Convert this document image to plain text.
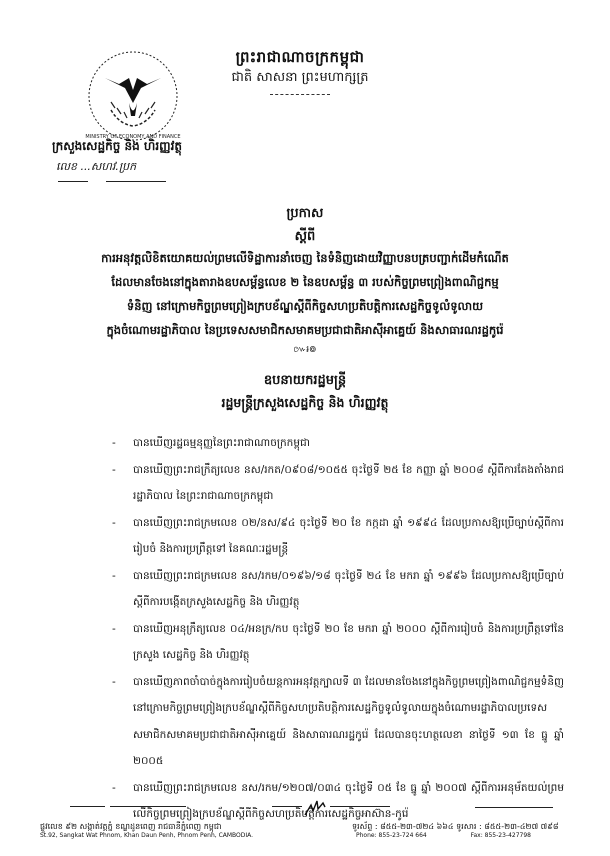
ព្រះរាជាណាចក្រកម្ពុជា
ជាតិ សាសនា ព្រះមហាក្សត្រ
MINISTRY OF ECONOMY AND FINANCE
ក្រសួងសេដ្ឋកិច្ច និង ហិរញ្ញវត្ថុ
លេខ ...សហវ.ប្រក
ប្រកាស
ស្តីពី
ការអនុវត្តលិខិតយោគយល់ព្រមលើទិដ្ឋាការនាំចេញ នៃទំនិញដោយវិញ្ញាបនបត្របញ្ជាក់ដើមកំណើត
ដែលមានចែងនៅក្នុងតារាងឧបសម្ព័ន្ធលេខ ២ នៃឧបសម្ព័ន្ធ ៣ របស់កិច្ចព្រមព្រៀងពាណិជ្ជកម្ម
ទំនិញ នៅក្រោមកិច្ចព្រមព្រៀងក្របខ័ណ្ឌស្តីពីកិច្ចសហប្រតិបត្តិការសេដ្ឋកិច្ចទូលំទូលាយ
ក្នុងចំណោមរដ្ឋាភិបាល នៃប្រទេសសមាជិកសមាគមប្រជាជាតិអាស៊ីអាគ្នេយ៍ និងសាធារណរដ្ឋកូរ៉េ
៚៛៙
ឧបនាយករដ្ឋមន្ត្រី
រដ្ឋមន្ត្រីក្រសួងសេដ្ឋកិច្ច និង ហិរញ្ញវត្ថុ
-	បានឃើញរដ្ឋធម្មនុញ្ញនៃព្រះរាជាណាចក្រកម្ពុជា
-	បានឃើញព្រះរាជក្រឹត្យលេខ នស/រកត/០៩០៨/១០៥៥ ចុះថ្ងៃទី ២៥ ខែ កញ្ញា ឆ្នាំ ២០០៨ ស្តីពីការតែងតាំងរាជរដ្ឋាភិបាល នៃព្រះរាជាណាចក្រកម្ពុជា
-	បានឃើញព្រះរាជក្រមលេខ ០២/នស/៩៤ ចុះថ្ងៃទី ២០ ខែ កក្កដា ឆ្នាំ ១៩៩៤ ដែលប្រកាសឱ្យប្រើច្បាប់ស្តីពីការរៀបចំ និងការប្រព្រឹត្តទៅ នៃគណៈរដ្ឋមន្ត្រី
-	បានឃើញព្រះរាជក្រមលេខ នស/រកម/០១៩៦/១៨ ចុះថ្ងៃទី ២៤ ខែ មករា ឆ្នាំ ១៩៩៦ ដែលប្រកាសឱ្យប្រើច្បាប់ស្តីពីការបង្កើតក្រសួងសេដ្ឋកិច្ច និង ហិរញ្ញវត្ថុ
-	បានឃើញអនុក្រឹត្យលេខ ០៤/អនក្រ/កប ចុះថ្ងៃទី ២០ ខែ មករា ឆ្នាំ ២០០០ ស្តីពីការរៀបចំ និងការប្រព្រឹត្តទៅនៃក្រសួង សេដ្ឋកិច្ច និង ហិរញ្ញវត្ថុ
-	បានឃើញភាពចាំបាច់ក្នុងការរៀបចំយន្តការអនុវត្តក្បាលទី ៣ ដែលមានចែងនៅក្នុងកិច្ចព្រមព្រៀងពាណិជ្ជកម្មទំនិញ នៅក្រោមកិច្ចព្រមព្រៀងក្របខ័ណ្ឌស្តីពីកិច្ចសហប្រតិបត្តិការសេដ្ឋកិច្ចទូលំទូលាយក្នុងចំណោមរដ្ឋាភិបាលប្រទេសសមាជិកសមាគមប្រជាជាតិអាស៊ីអាគ្នេយ៍ និងសាធារណរដ្ឋកូរ៉េ ដែលបានចុះហត្ថលេខា នាថ្ងៃទី ១៣ ខែ ធ្នូ ឆ្នាំ ២០០៥
-	បានឃើញព្រះរាជក្រមលេខ នស/រកម/១២០៧/០៣៤ ចុះថ្ងៃទី ០៥ ខែ ធ្នូ ឆ្នាំ ២០០៧ ស្តីពីការអនុម័តយល់ព្រមលើកិច្ចព្រមព្រៀងក្របខ័ណ្ឌស្តីពីកិច្ចសហប្រតិបត្តិការសេដ្ឋកិច្ចអាស៊ាន-កូរ៉េ
ផ្លូវលេខ ៩២ សង្កាត់វត្តភ្នំ ខណ្ឌដូនពេញ រាជធានីភ្នំពេញ កម្ពុជា
St.92, Sangkat Wat Phnom, Khan Daun Penh, Phnom Penh, CAMBODIA.
ទូរស័ព្ទ : ៨៥៥-២៣-៧២៤ ៦៦៤ ទូរសារ : ៨៥៥-២៣-៤២៧ ៧៩៨
Phone: 855-23-724 664	Fax: 855-23-427798
